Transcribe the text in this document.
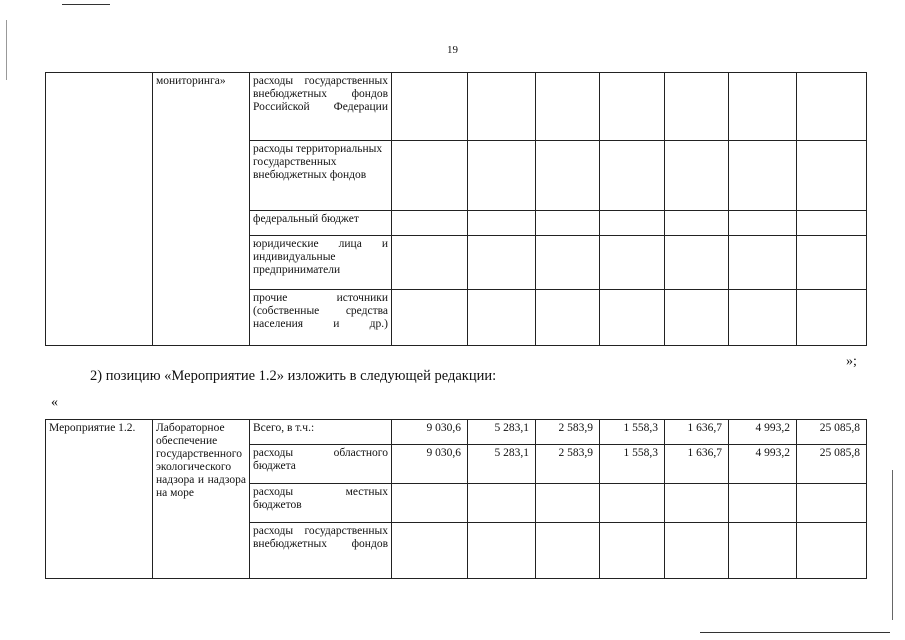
19
	мониторинга»	расходы государственных внебюджетных фондов Российской Федерации							
		расходы территориальных государственных внебюджетных фондов							
		федеральный бюджет							
		юридические лица и индивидуальные предприниматели							
		прочие источники (собственные средства населения и др.)							
»;
2) позицию «Мероприятие 1.2» изложить в следующей редакции:
«
Мероприятие 1.2.	Лабораторное обеспечение государственного экологического надзора и надзора на море	Всего, в т.ч.:	9 030,6	5 283,1	2 583,9	1 558,3	1 636,7	4 993,2	25 085,8
		расходы областного бюджета	9 030,6	5 283,1	2 583,9	1 558,3	1 636,7	4 993,2	25 085,8
		расходы местных бюджетов							
		расходы государственных внебюджетных фондов							
